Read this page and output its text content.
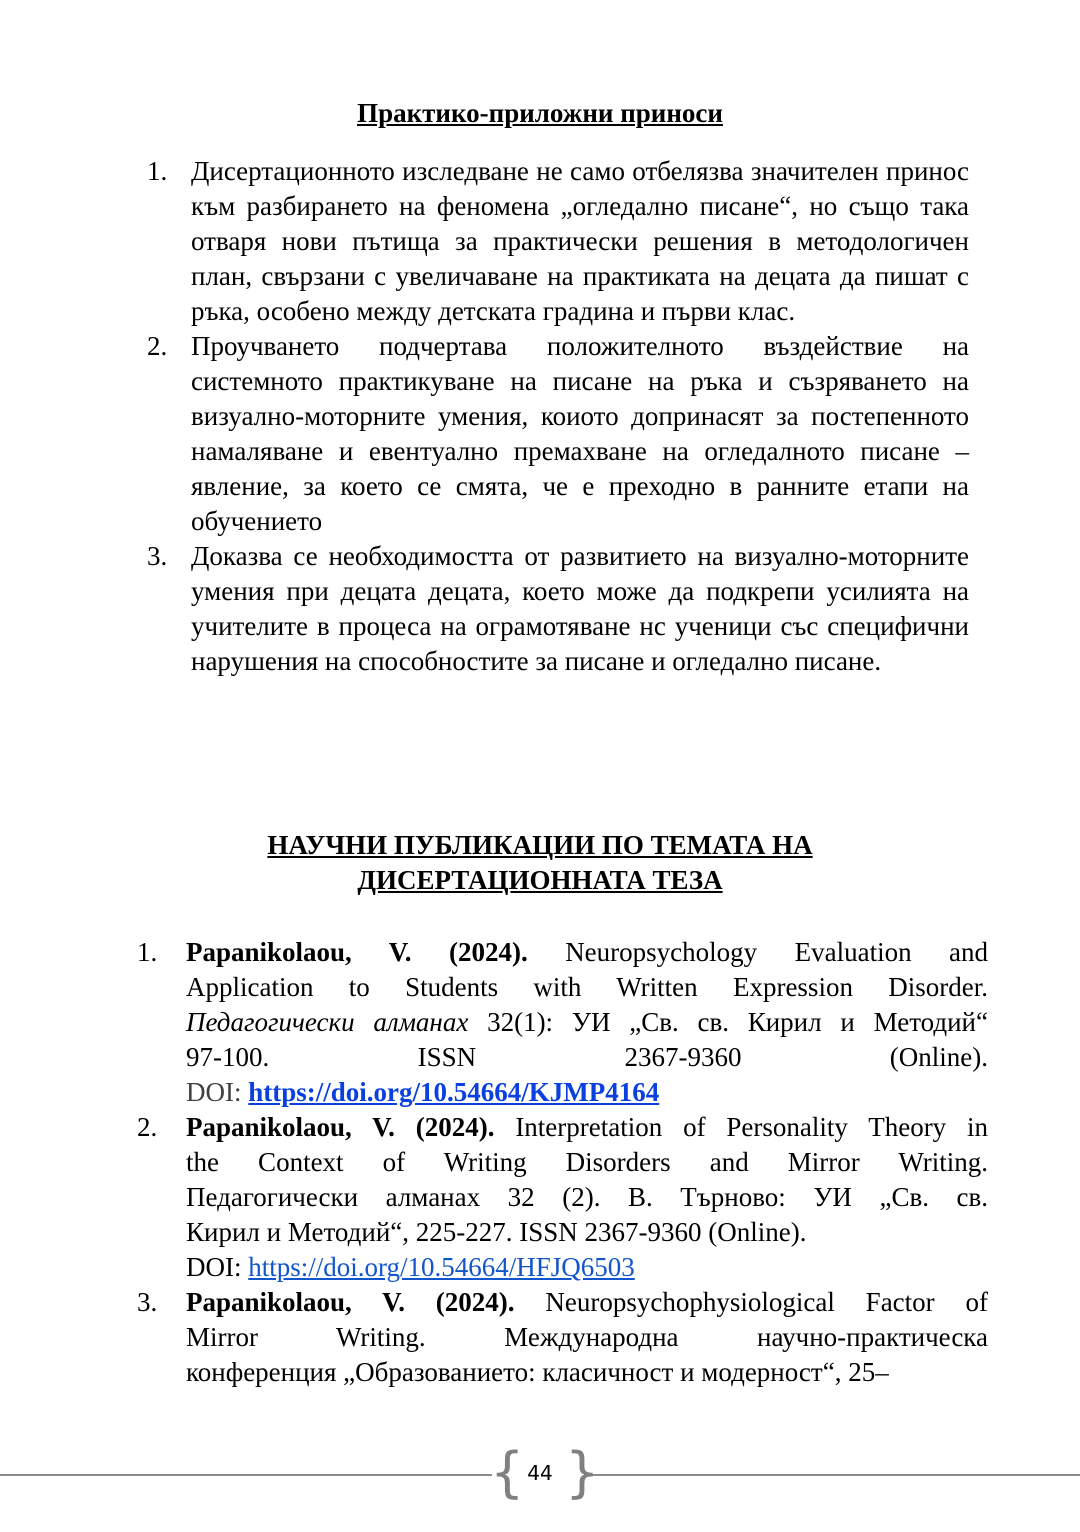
Практико-приложни приноси
1. Дисертационното изследване не само отбелязва значителен принос към разбирането на феномена „огледално писане“, но също така отваря нови пътища за практически решения в методологичен план, свързани с увеличаване на практиката на децата да пишат с ръка, особено между детската градина и първи клас.
2. Проучването подчертава положителното въздействие на системното практикуване на писане на ръка и съзряването на визуално-моторните умения, коиото допринасят за постепенното намаляване и евентуално премахване на огледалното писане – явление, за което се смята, че е преходно в ранните етапи на обучението
3. Доказва се необходимостта от развитието на визуално-моторните умения при децата децата, което може да подкрепи усилията на учителите в процеса на ограмотяване нс ученици със специфични нарушения на способностите за писане и огледално писане.
НАУЧНИ ПУБЛИКАЦИИ ПО ТЕМАТА НА
ДИСЕРТАЦИОННАТА ТЕЗА
1. Papanikolaou, V. (2024). Neuropsychology Evaluation and
Application to Students with Written Expression Disorder.
Педагогически алманах 32(1): УИ „Св. св. Кирил и Методий“
97-100.	ISSN 2367-9360 (Online).
DOI: https://doi.org/10.54664/KJMP4164
2. Papanikolaou, V. (2024). Interpretation of Personality Theory in
the Context of Writing Disorders and Mirror Writing.
Педагогически алманах 32 (2). В. Търново: УИ „Св. св.
Кирил и Методий“, 225-227. ISSN 2367-9360 (Online).
DOI: https://doi.org/10.54664/HFJQ6503
3. Papanikolaou, V. (2024). Neuropsychophysiological Factor of
Mirror Writing. Международна научно-практическа
конференция „Образованието: класичност и модерност“, 25–
{ }
44
